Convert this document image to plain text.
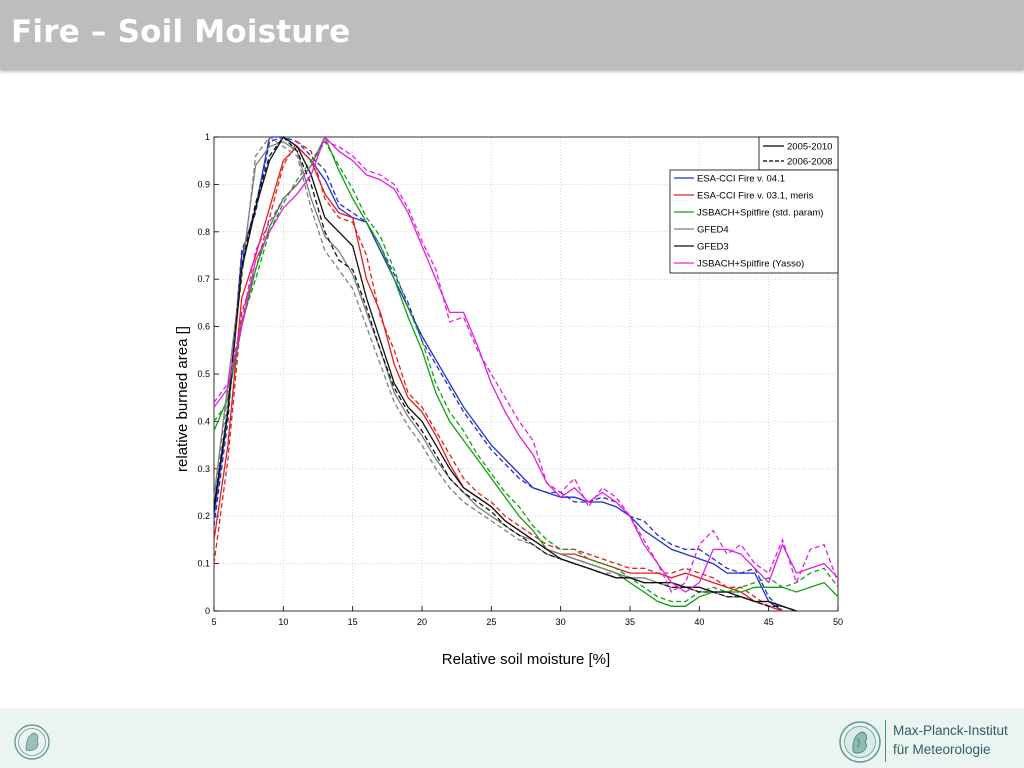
Fire – Soil Moisture
5	10	15	20	25	30	35	40	45	50
0
0.1
0.2
0.3
0.4
0.5
0.6
0.7
0.8
0.9
1
Relative soil moisture [%]
relative burned area []
2005-2010
2006-2008
ESA-CCI Fire v. 04.1
ESA-CCI Fire v. 03.1, meris
JSBACH+Spitfire (std. param)
GFED4
GFED3
JSBACH+Spitfire (Yasso)
Max-Planck-Institut
für Meteorologie
